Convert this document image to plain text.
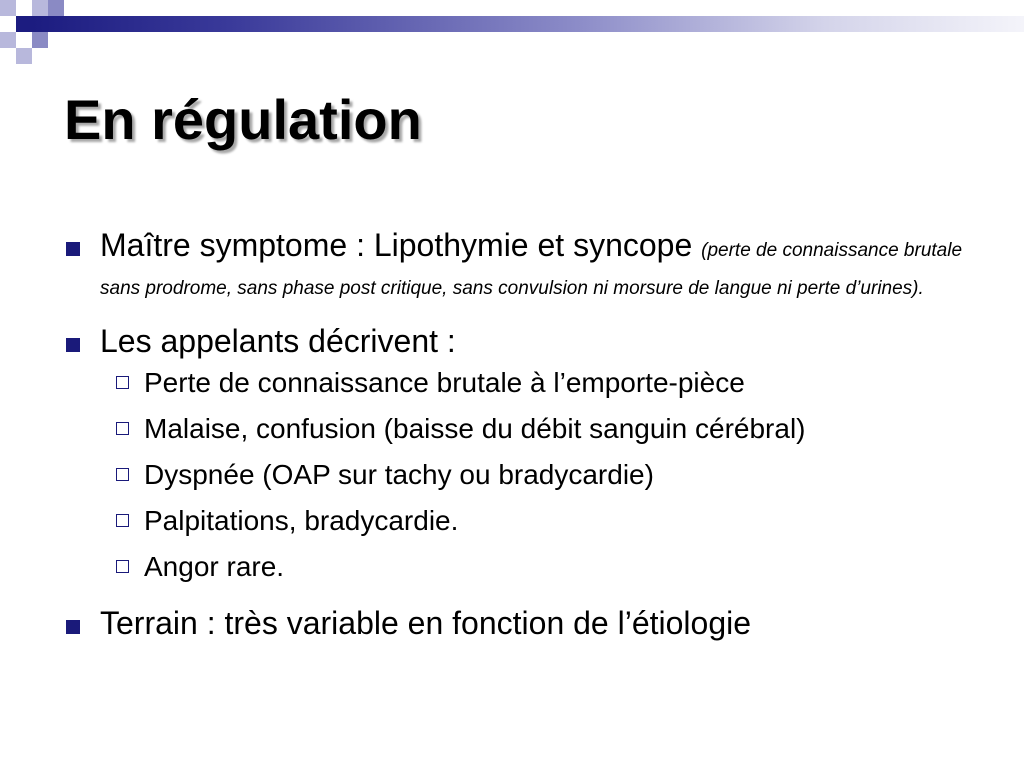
En régulation
Maître symptome : Lipothymie et syncope (perte de connaissance brutale sans prodrome, sans phase post critique, sans convulsion ni morsure de langue ni perte d’urines).
Les appelants décrivent :
Perte de connaissance brutale à l’emporte-pièce
Malaise, confusion (baisse du débit sanguin cérébral)
Dyspnée (OAP sur tachy ou bradycardie)
Palpitations, bradycardie.
Angor rare.
Terrain : très variable en fonction de l’étiologie
